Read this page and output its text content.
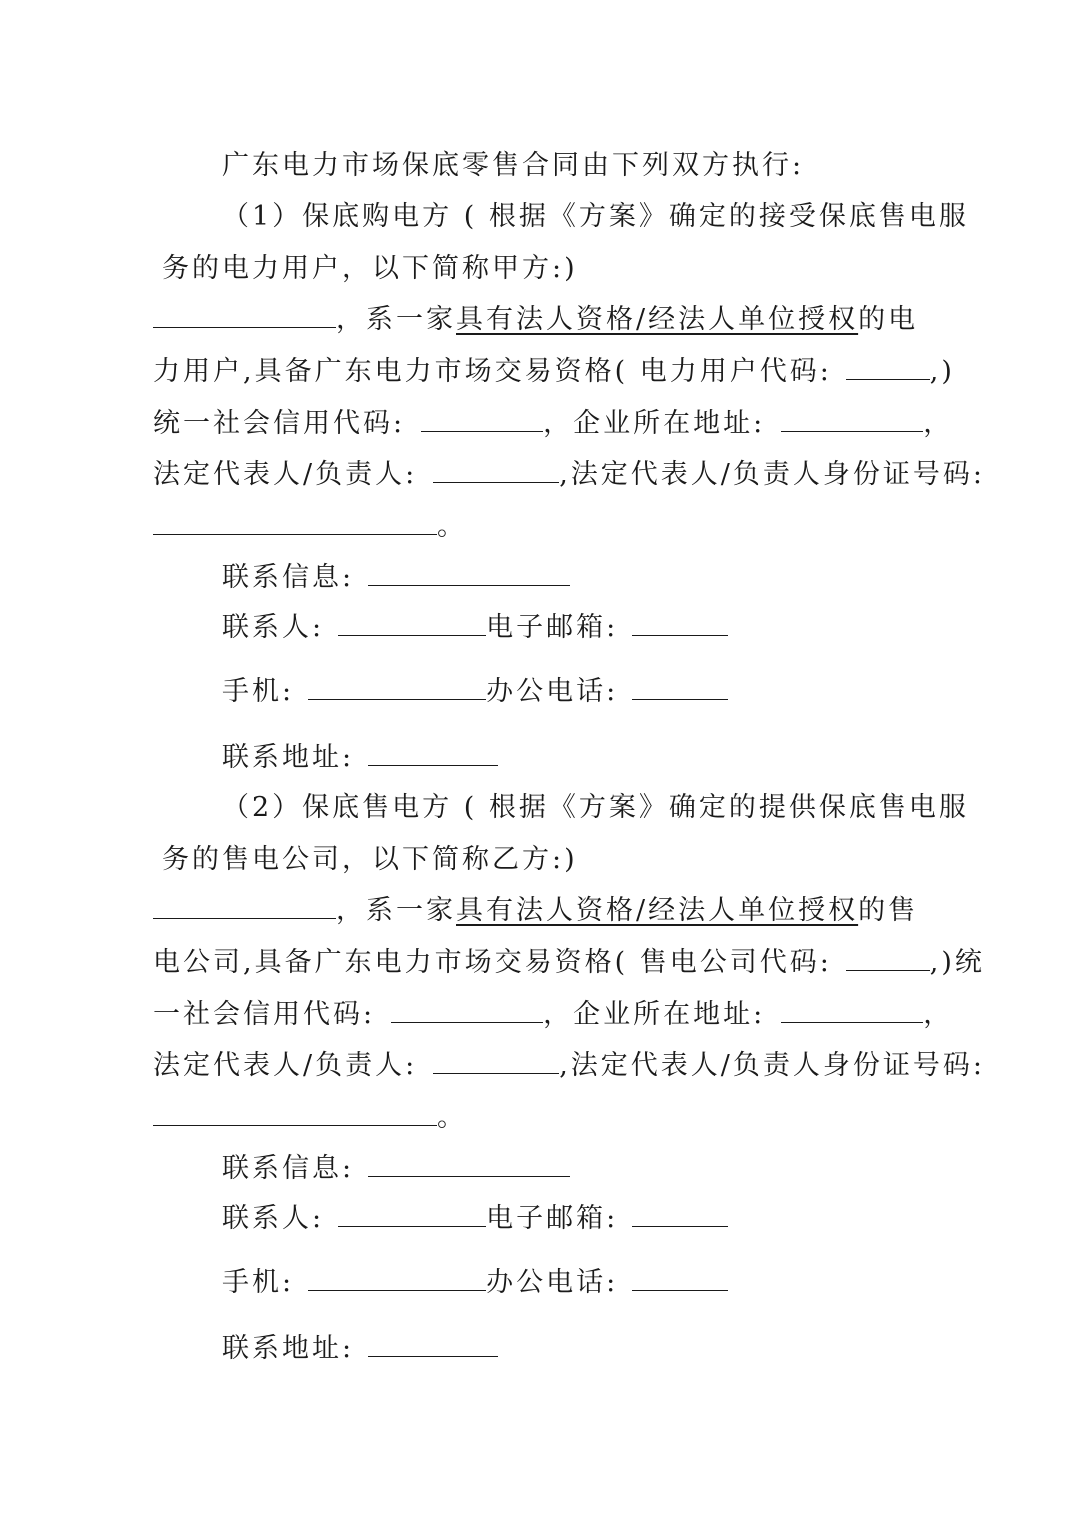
广东电力市场保底零售合同由下列双方执行:
（1）保底购电方 ( 根据《方案》确定的接受保底售电服
务的电力用户，以下简称甲方:)
，系一家具有法人资格/经法人单位授权的电
力用户,具备广东电力市场交易资格( 电力用户代码:	,)
统一社会信用代码:	，企业所在地址:	，
法定代表人/负责人:	,法定代表人/负责人身份证号码:
。
联系信息:
联系人:	电子邮箱:
手机:	办公电话:
联系地址:
（2）保底售电方 ( 根据《方案》确定的提供保底售电服
务的售电公司，以下简称乙方:)
，系一家具有法人资格/经法人单位授权的售
电公司,具备广东电力市场交易资格( 售电公司代码:	,)统
一社会信用代码:	，企业所在地址:	，
法定代表人/负责人:	,法定代表人/负责人身份证号码:
。
联系信息:
联系人:	电子邮箱:
手机:	办公电话:
联系地址:
